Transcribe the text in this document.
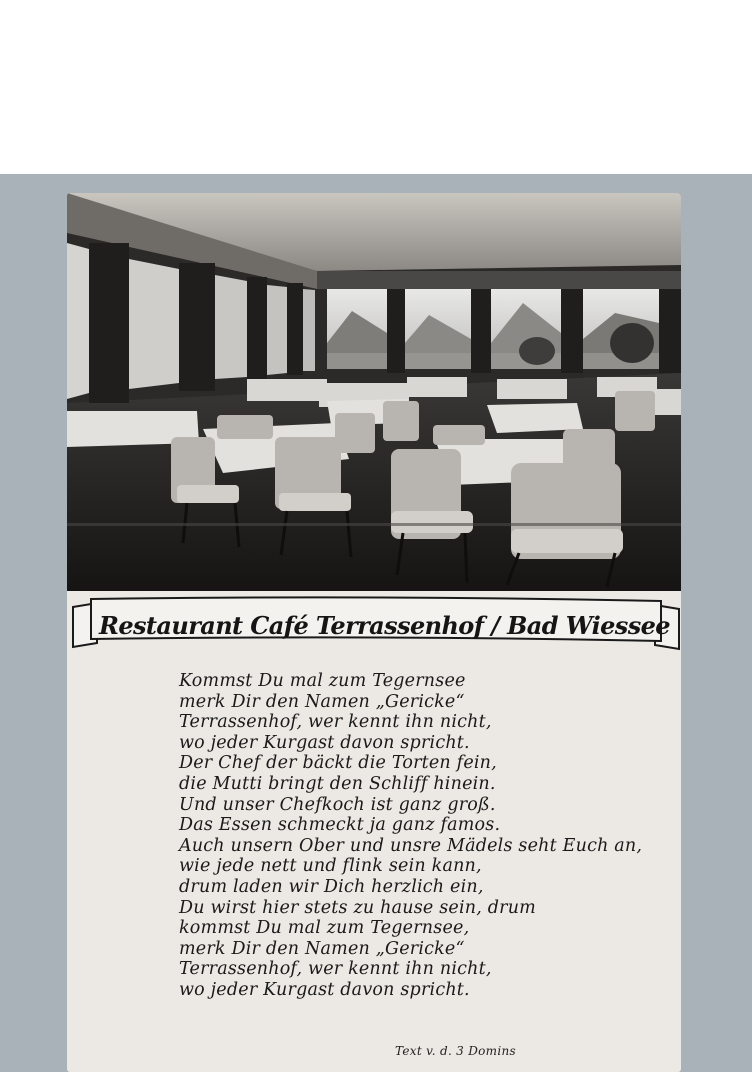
Restaurant Café Terrassenhof / Bad Wiessee
Kommst Du mal zum Tegernsee
merk Dir den Namen „Gericke“
Terrassenhof, wer kennt ihn nicht,
wo jeder Kurgast davon spricht.
Der Chef der bäckt die Torten fein,
die Mutti bringt den Schliff hinein.
Und unser Chefkoch ist ganz groß.
Das Essen schmeckt ja ganz famos.
Auch unsern Ober und unsre Mädels seht Euch an,
wie jede nett und flink sein kann,
drum laden wir Dich herzlich ein,
Du wirst hier stets zu hause sein, drum
kommst Du mal zum Tegernsee,
merk Dir den Namen „Gericke“
Terrassenhof, wer kennt ihn nicht,
wo jeder Kurgast davon spricht.
Text v. d. 3 Domins
